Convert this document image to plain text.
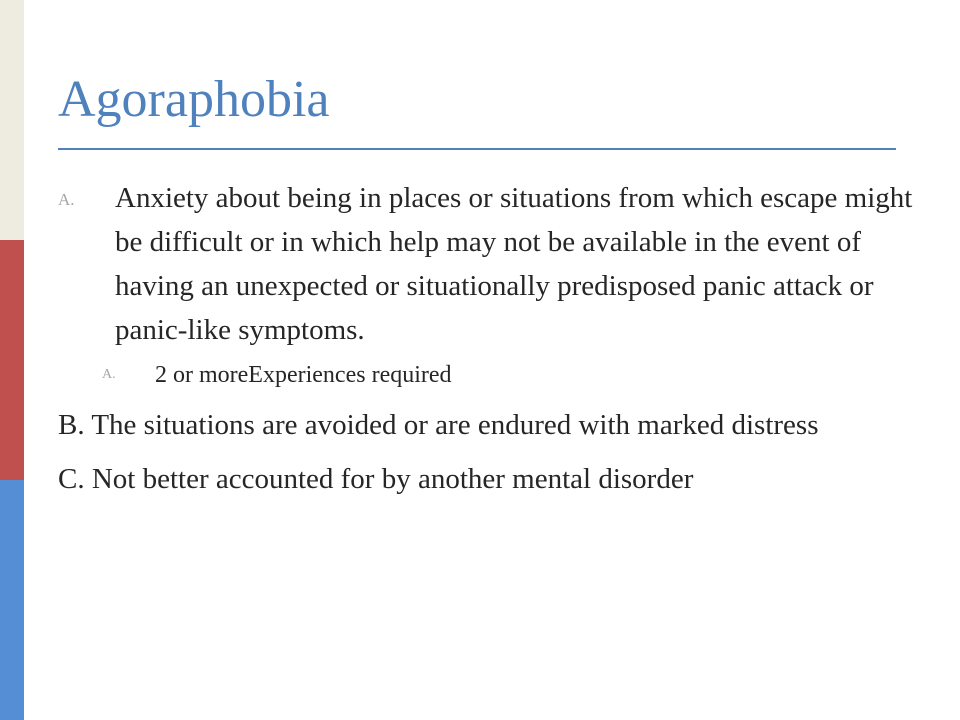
Agoraphobia
A. Anxiety about being in places or situations from which escape might be difficult or in which help may not be available in the event of having an unexpected or situationally predisposed panic attack or panic-like symptoms.
A. 2 or moreExperiences required
B. The situations are avoided or are endured with marked distress
C. Not better accounted for by another mental disorder
